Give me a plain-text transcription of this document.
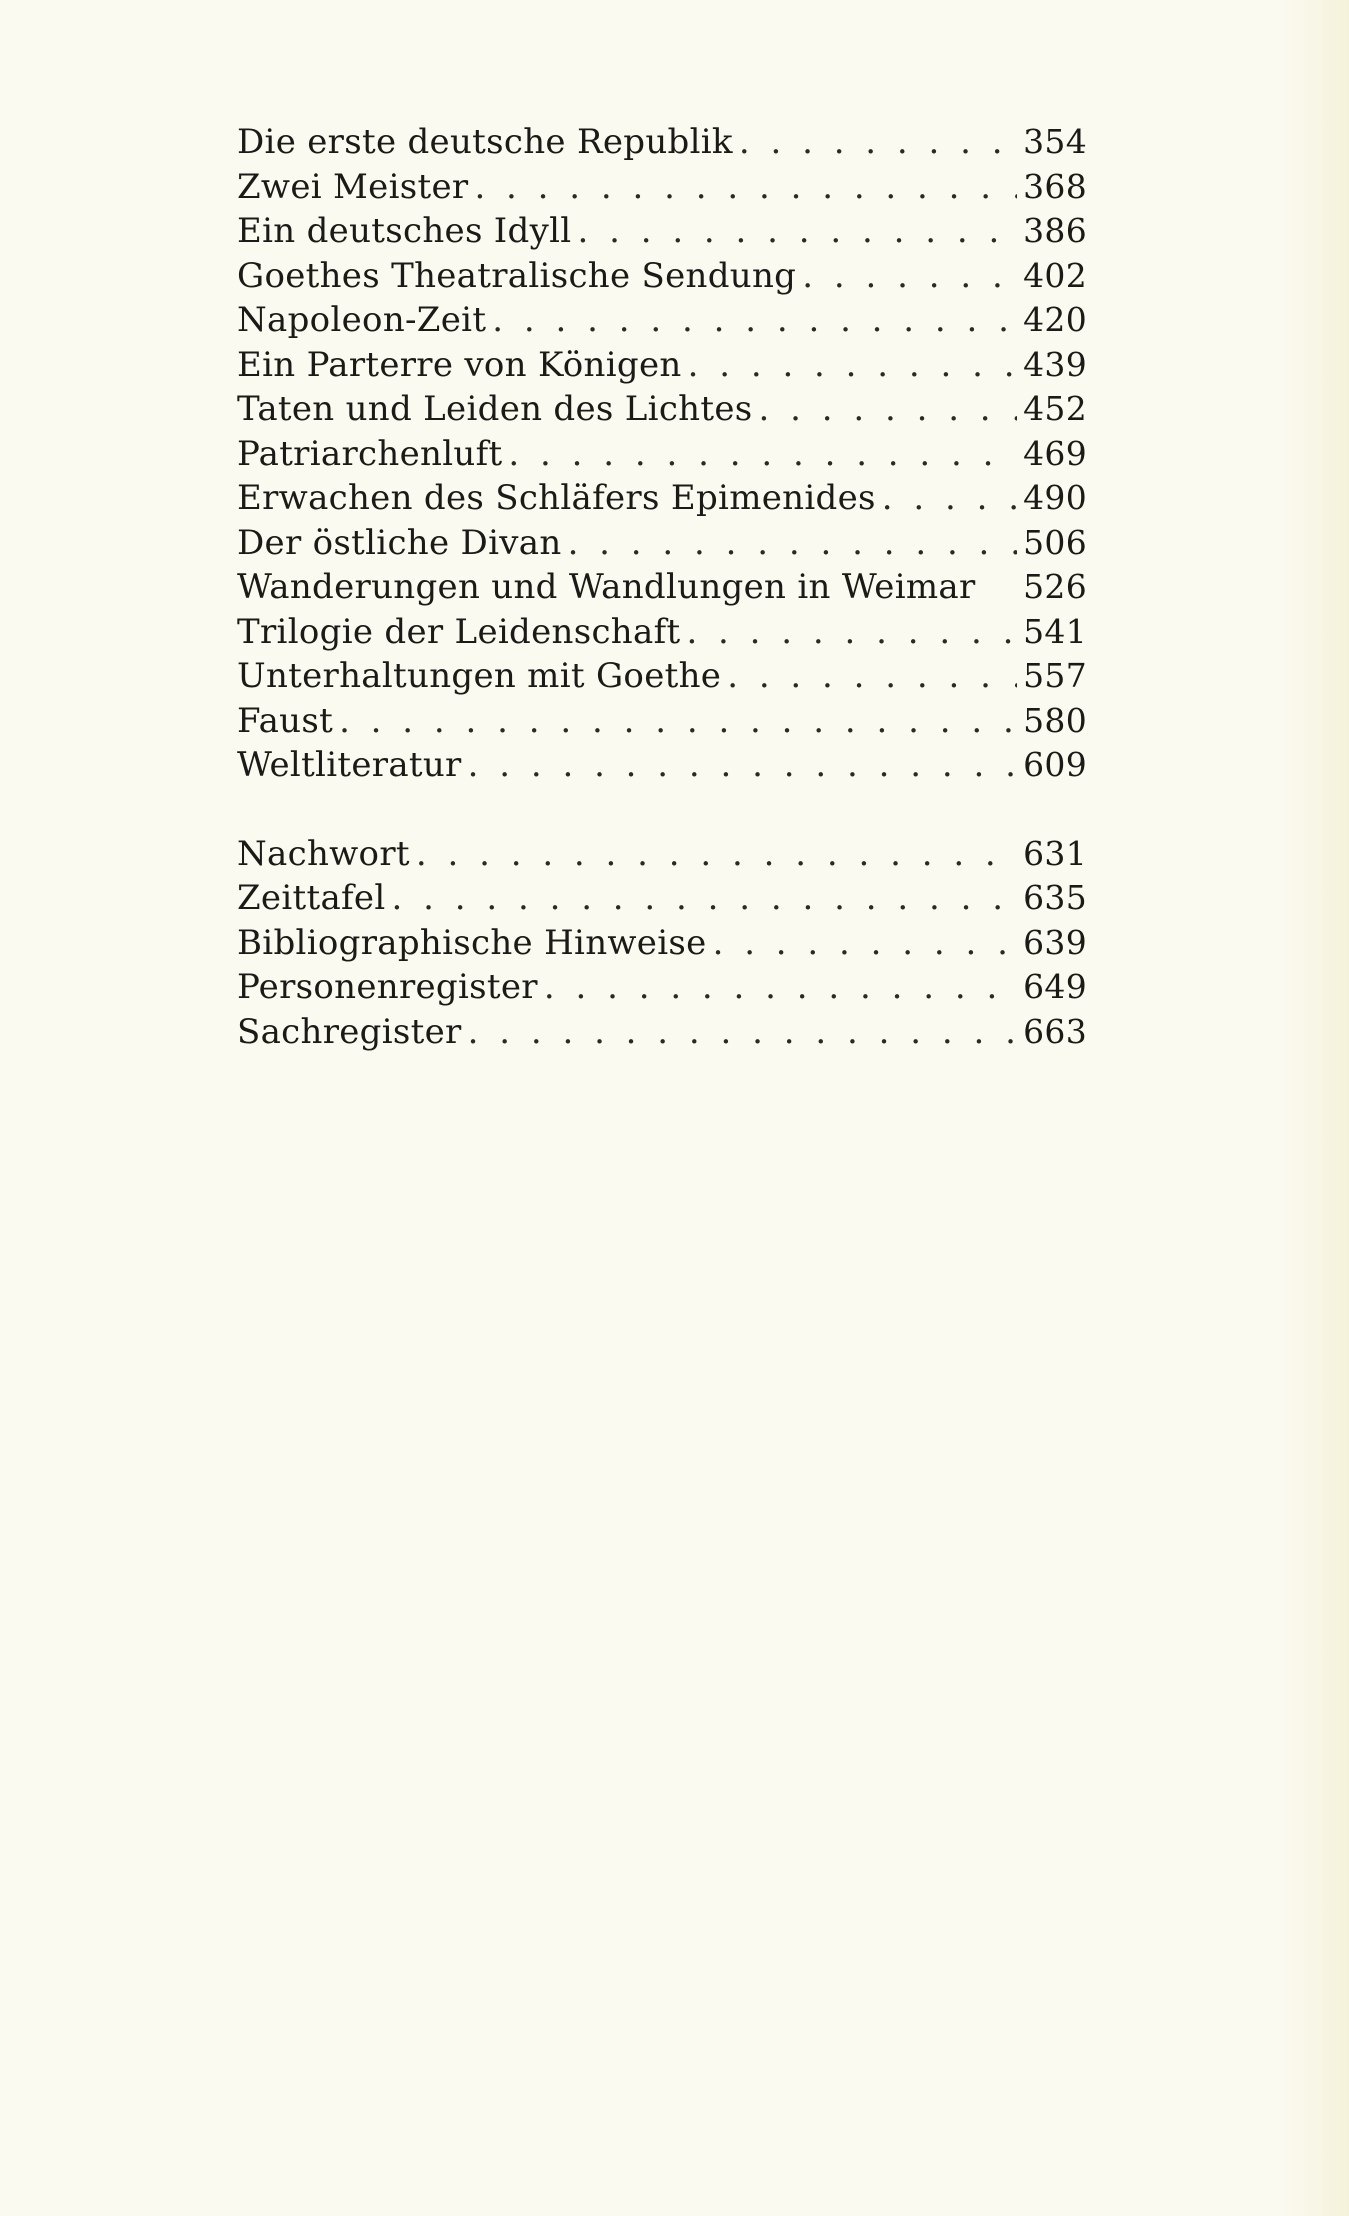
Die erste deutsche Republik . . .	354
Zwei Meister . . .	368
Ein deutsches Idyll . . .	386
Goethes Theatralische Sendung . . .	402
Napoleon-Zeit . . .	420
Ein Parterre von Königen . . .	439
Taten und Leiden des Lichtes . . .	452
Patriarchenluft . . .	469
Erwachen des Schläfers Epimenides . . .	490
Der östliche Divan . . .	506
Wanderungen und Wandlungen in Weimar 526
Trilogie der Leidenschaft . . .	541
Unterhaltungen mit Goethe . . .	557
Faust . . .	580
Weltliteratur . . .	609
Nachwort . . .	631
Zeittafel . . .	635
Bibliographische Hinweise . . .	639
Personenregister . . .	649
Sachregister . . .	663
